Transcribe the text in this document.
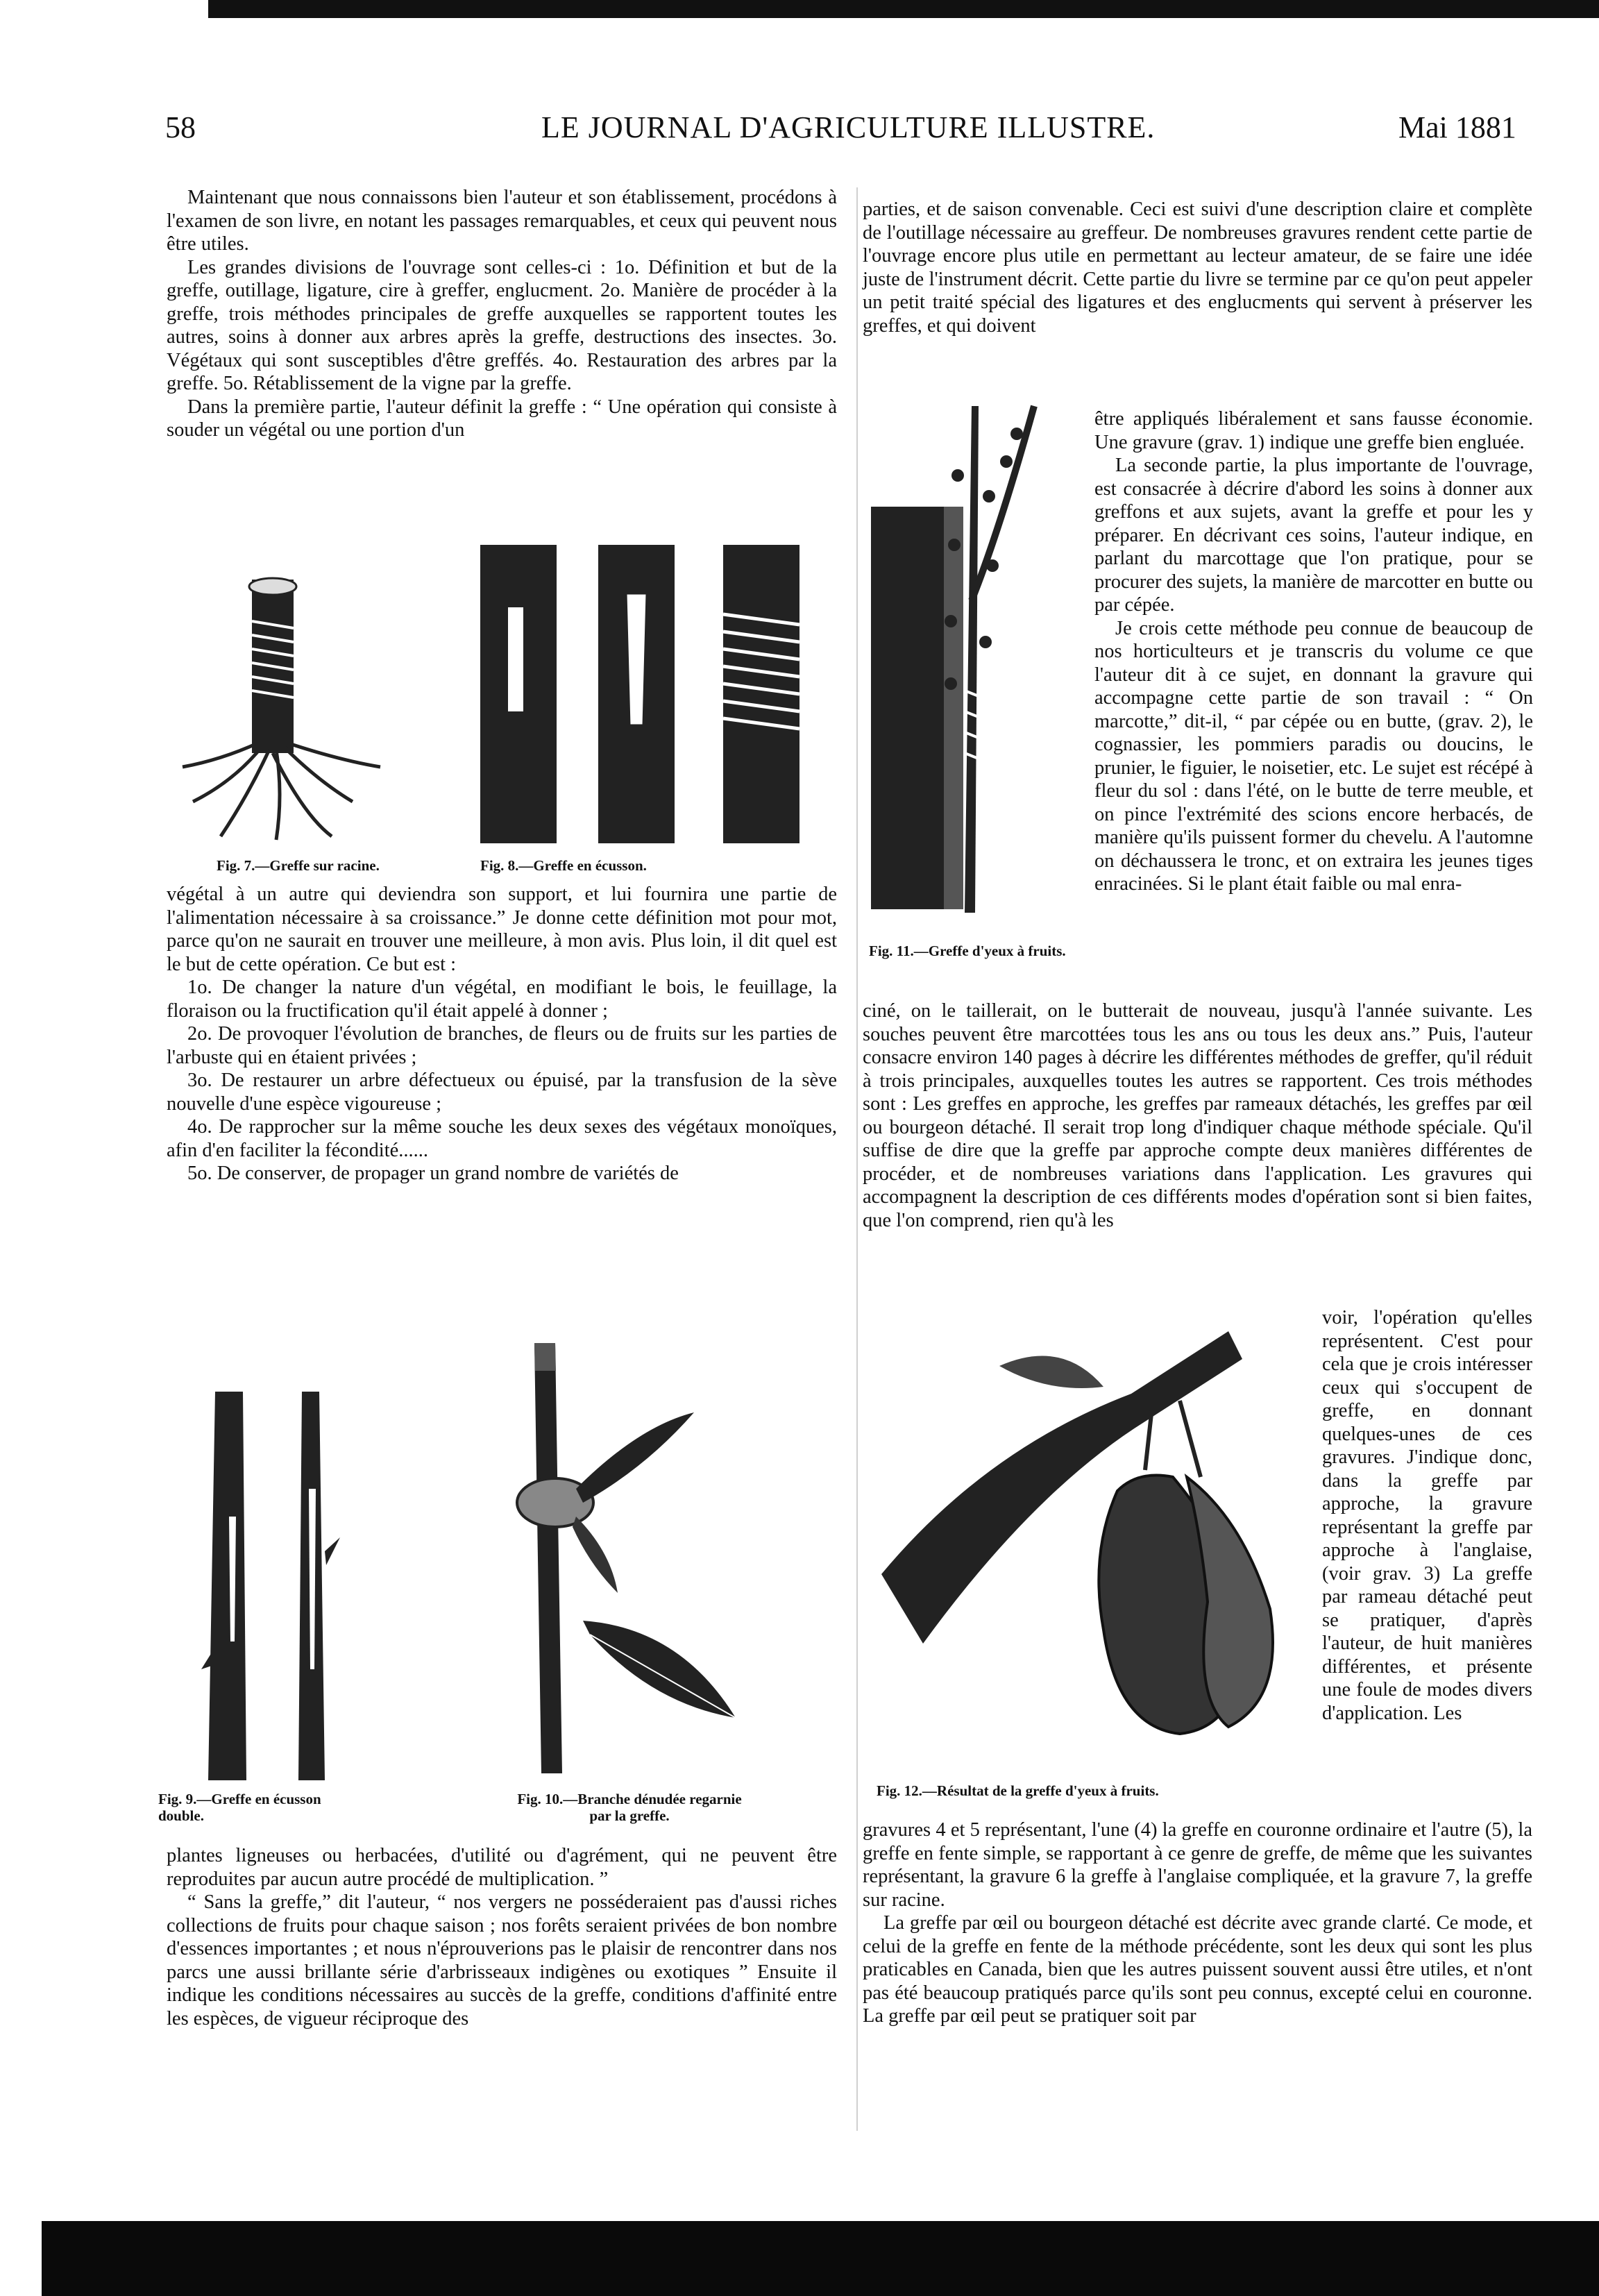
58	LE JOURNAL D'AGRICULTURE ILLUSTRE.	Mai 1881

Maintenant que nous connaissons bien l'auteur et son établissement, procédons à l'examen de son livre, en notant les passages remarquables, et ceux qui peuvent nous être utiles.

Les grandes divisions de l'ouvrage sont celles-ci : 1o. Définition et but de la greffe, outillage, ligature, cire à greffer, englucment. 2o. Manière de procéder à la greffe, trois méthodes principales de greffe auxquelles se rapportent toutes les autres, soins à donner aux arbres après la greffe, destructions des insectes. 3o. Végétaux qui sont susceptibles d'être greffés. 4o. Restauration des arbres par la greffe. 5o. Rétablissement de la vigne par la greffe.

Dans la première partie, l'auteur définit la greffe : “ Une opération qui consiste à souder un végétal ou une portion d'un

Fig. 7.—Greffe sur racine.	Fig. 8.—Greffe en écusson.

végétal à un autre qui deviendra son support, et lui fournira une partie de l'alimentation nécessaire à sa croissance.” Je donne cette définition mot pour mot, parce qu'on ne saurait en trouver une meilleure, à mon avis. Plus loin, il dit quel est le but de cette opération. Ce but est :

1o. De changer la nature d'un végétal, en modifiant le bois, le feuillage, la floraison ou la fructification qu'il était appelé à donner ;

2o. De provoquer l'évolution de branches, de fleurs ou de fruits sur les parties de l'arbuste qui en étaient privées ;

3o. De restaurer un arbre défectueux ou épuisé, par la transfusion de la sève nouvelle d'une espèce vigoureuse ;

4o. De rapprocher sur la même souche les deux sexes des végétaux monoïques, afin d'en faciliter la fécondité......

5o. De conserver, de propager un grand nombre de variétés de

Fig. 9.—Greffe en écusson double.
Fig. 10.—Branche dénudée regarnie par la greffe.

plantes ligneuses ou herbacées, d'utilité ou d'agrément, qui ne peuvent être reproduites par aucun autre procédé de multiplication. ”

“ Sans la greffe,” dit l'auteur, “ nos vergers ne posséderaient pas d'aussi riches collections de fruits pour chaque saison ; nos forêts seraient privées de bon nombre d'essences importantes ; et nous n'éprouverions pas le plaisir de rencontrer dans nos parcs une aussi brillante série d'arbrisseaux indigènes ou exotiques ” Ensuite il indique les conditions nécessaires au succès de la greffe, conditions d'affinité entre les espèces, de vigueur réciproque des

parties, et de saison convenable. Ceci est suivi d'une description claire et complète de l'outillage nécessaire au greffeur. De nombreuses gravures rendent cette partie de l'ouvrage encore plus utile en permettant au lecteur amateur, de se faire une idée juste de l'instrument décrit. Cette partie du livre se termine par ce qu'on peut appeler un petit traité spécial des ligatures et des englucments qui servent à préserver les greffes, et qui doivent

Fig. 11.—Greffe d'yeux à fruits.

être appliqués libéralement et sans fausse économie. Une gravure (grav. 1) indique une greffe bien engluée.

La seconde partie, la plus importante de l'ouvrage, est consacrée à décrire d'abord les soins à donner aux greffons et aux sujets, avant la greffe et pour les y préparer. En décrivant ces soins, l'auteur indique, en parlant du marcottage que l'on pratique, pour se procurer des sujets, la manière de marcotter en butte ou par cépée.

Je crois cette méthode peu connue de beaucoup de nos horticulteurs et je transcris du volume ce que l'auteur dit à ce sujet, en donnant la gravure qui accompagne cette partie de son travail : “ On marcotte,” dit-il, “ par cépée ou en butte, (grav. 2), le cognassier, les pommiers paradis ou doucins, le prunier, le figuier, le noisetier, etc. Le sujet est récépé à fleur du sol : dans l'été, on le butte de terre meuble, et on pince l'extrémité des scions encore herbacés, de manière qu'ils puissent former du chevelu. A l'automne on déchaussera le tronc, et on extraira les jeunes tiges enracinées. Si le plant était faible ou mal enra-

ciné, on le taillerait, on le butterait de nouveau, jusqu'à l'année suivante. Les souches peuvent être marcottées tous les ans ou tous les deux ans.” Puis, l'auteur consacre environ 140 pages à décrire les différentes méthodes de greffer, qu'il réduit à trois principales, auxquelles toutes les autres se rapportent. Ces trois méthodes sont : Les greffes en approche, les greffes par rameaux détachés, les greffes par œil ou bourgeon détaché. Il serait trop long d'indiquer chaque méthode spéciale. Qu'il suffise de dire que la greffe par approche compte deux manières différentes de procéder, et de nombreuses variations dans l'application. Les gravures qui accompagnent la description de ces différents modes d'opération sont si bien faites, que l'on comprend, rien qu'à les

Fig. 12.—Résultat de la greffe d'yeux à fruits.

voir, l'opération qu'elles représentent. C'est pour cela que je crois intéresser ceux qui s'occupent de greffe, en donnant quelques-unes de ces gravures. J'indique donc, dans la greffe par approche, la gravure représentant la greffe par approche à l'anglaise, (voir grav. 3) La greffe par rameau détaché peut se pratiquer, d'après l'auteur, de huit manières différentes, et présente une foule de modes divers d'application. Les

gravures 4 et 5 représentant, l'une (4) la greffe en couronne ordinaire et l'autre (5), la greffe en fente simple, se rapportant à ce genre de greffe, de même que les suivantes représentant, la gravure 6 la greffe à l'anglaise compliquée, et la gravure 7, la greffe sur racine.

La greffe par œil ou bourgeon détaché est décrite avec grande clarté. Ce mode, et celui de la greffe en fente de la méthode précédente, sont les deux qui sont les plus praticables en Canada, bien que les autres puissent souvent aussi être utiles, et n'ont pas été beaucoup pratiqués parce qu'ils sont peu connus, excepté celui en couronne. La greffe par œil peut se pratiquer soit par
